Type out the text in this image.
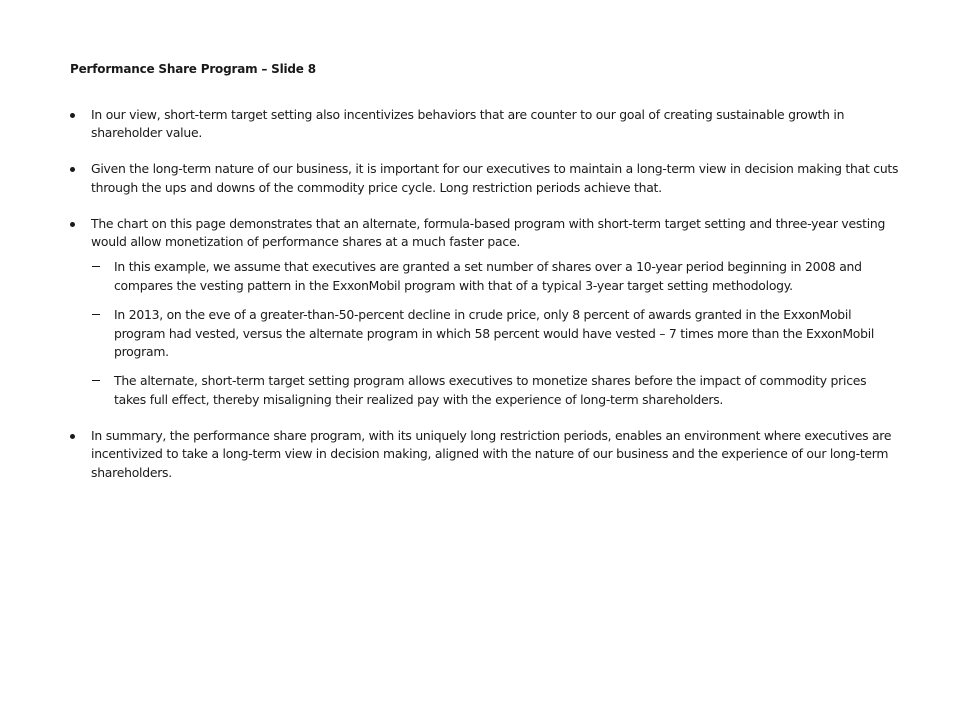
Performance Share Program – Slide 8
In our view, short-term target setting also incentivizes behaviors that are counter to our goal of creating sustainable growth in shareholder value.
Given the long-term nature of our business, it is important for our executives to maintain a long-term view in decision making that cuts through the ups and downs of the commodity price cycle. Long restriction periods achieve that.
The chart on this page demonstrates that an alternate, formula-based program with short-term target setting and three-year vesting would allow monetization of performance shares at a much faster pace.
In this example, we assume that executives are granted a set number of shares over a 10-year period beginning in 2008 and compares the vesting pattern in the ExxonMobil program with that of a typical 3-year target setting methodology.
In 2013, on the eve of a greater-than-50-percent decline in crude price, only 8 percent of awards granted in the ExxonMobil program had vested, versus the alternate program in which 58 percent would have vested – 7 times more than the ExxonMobil program.
The alternate, short-term target setting program allows executives to monetize shares before the impact of commodity prices takes full effect, thereby misaligning their realized pay with the experience of long-term shareholders.
In summary, the performance share program, with its uniquely long restriction periods, enables an environment where executives are incentivized to take a long-term view in decision making, aligned with the nature of our business and the experience of our long-term shareholders.
